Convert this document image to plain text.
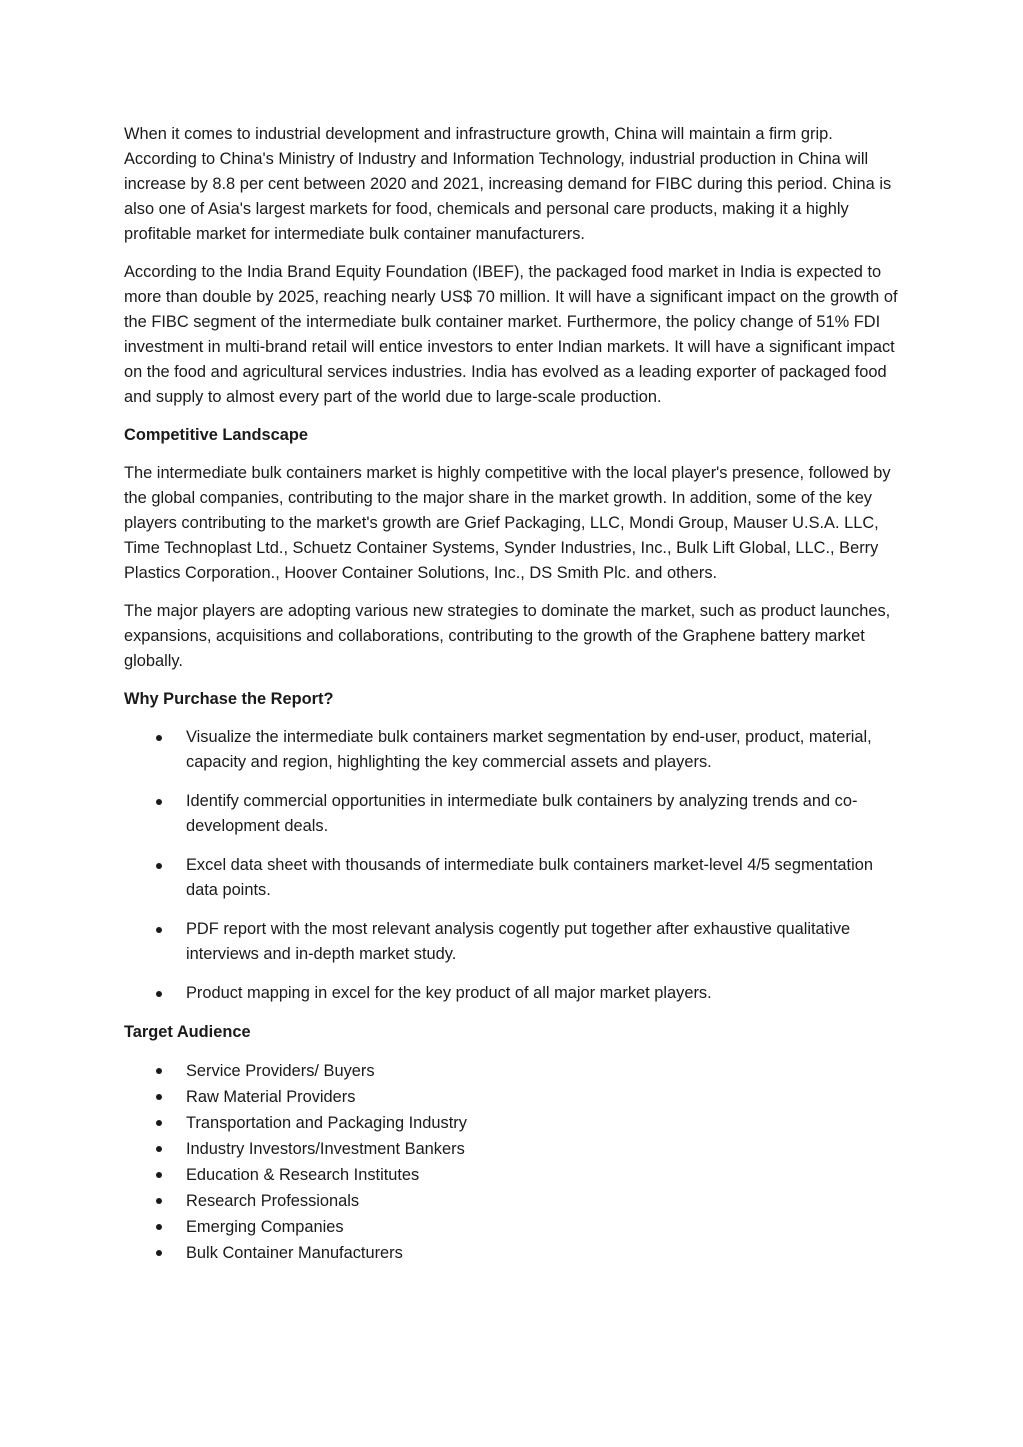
When it comes to industrial development and infrastructure growth, China will maintain a firm grip. According to China's Ministry of Industry and Information Technology, industrial production in China will increase by 8.8 per cent between 2020 and 2021, increasing demand for FIBC during this period. China is also one of Asia's largest markets for food, chemicals and personal care products, making it a highly profitable market for intermediate bulk container manufacturers.

According to the India Brand Equity Foundation (IBEF), the packaged food market in India is expected to more than double by 2025, reaching nearly US$ 70 million. It will have a significant impact on the growth of the FIBC segment of the intermediate bulk container market. Furthermore, the policy change of 51% FDI investment in multi-brand retail will entice investors to enter Indian markets. It will have a significant impact on the food and agricultural services industries. India has evolved as a leading exporter of packaged food and supply to almost every part of the world due to large-scale production.

Competitive Landscape

The intermediate bulk containers market is highly competitive with the local player's presence, followed by the global companies, contributing to the major share in the market growth. In addition, some of the key players contributing to the market's growth are Grief Packaging, LLC, Mondi Group, Mauser U.S.A. LLC, Time Technoplast Ltd., Schuetz Container Systems, Synder Industries, Inc., Bulk Lift Global, LLC., Berry Plastics Corporation., Hoover Container Solutions, Inc., DS Smith Plc. and others.

The major players are adopting various new strategies to dominate the market, such as product launches, expansions, acquisitions and collaborations, contributing to the growth of the Graphene battery market globally.

Why Purchase the Report?

Visualize the intermediate bulk containers market segmentation by end-user, product, material, capacity and region, highlighting the key commercial assets and players.
Identify commercial opportunities in intermediate bulk containers by analyzing trends and co-development deals.
Excel data sheet with thousands of intermediate bulk containers market-level 4/5 segmentation data points.
PDF report with the most relevant analysis cogently put together after exhaustive qualitative interviews and in-depth market study.
Product mapping in excel for the key product of all major market players.

Target Audience

Service Providers/ Buyers
Raw Material Providers
Transportation and Packaging Industry
Industry Investors/Investment Bankers
Education & Research Institutes
Research Professionals
Emerging Companies
Bulk Container Manufacturers
